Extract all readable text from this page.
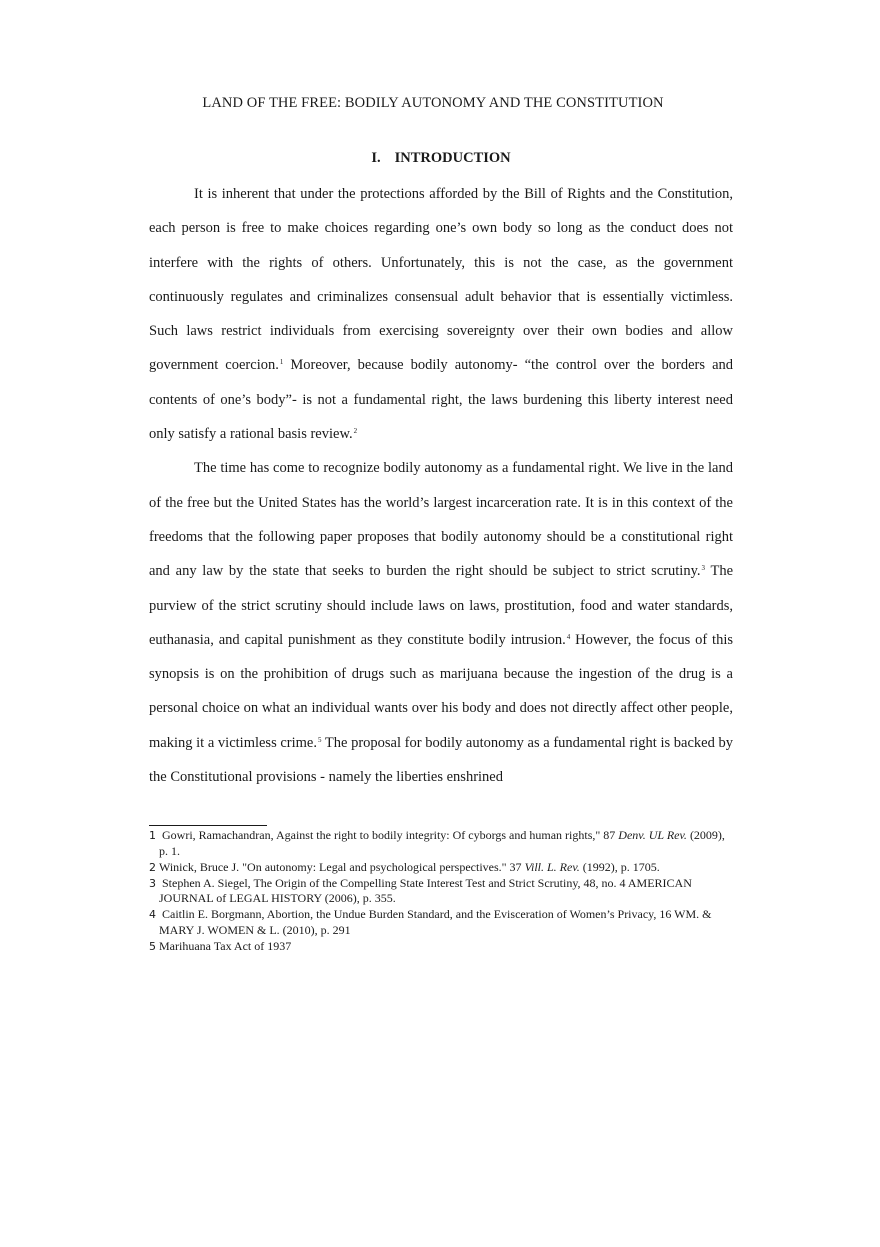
LAND OF THE FREE: BODILY AUTONOMY AND THE CONSTITUTION
I. INTRODUCTION

It is inherent that under the protections afforded by the Bill of Rights and the Constitution, each person is free to make choices regarding one’s own body so long as the conduct does not interfere with the rights of others. Unfortunately, this is not the case, as the government continuously regulates and criminalizes consensual adult behavior that is essentially victimless. Such laws restrict individuals from exercising sovereignty over their own bodies and allow government coercion.$^1$ Moreover, because bodily autonomy- “the control over the borders and contents of one’s body”- is not a fundamental right, the laws burdening this liberty interest need only satisfy a rational basis review.$^2$

The time has come to recognize bodily autonomy as a fundamental right. We live in the land of the free but the United States has the world’s largest incarceration rate. It is in this context of the freedoms that the following paper proposes that bodily autonomy should be a constitutional right and any law by the state that seeks to burden the right should be subject to strict scrutiny.$^3$ The purview of the strict scrutiny should include laws on laws, prostitution, food and water standards, euthanasia, and capital punishment as they constitute bodily intrusion.$^4$ However, the focus of this synopsis is on the prohibition of drugs such as marijuana because the ingestion of the drug is a personal choice on what an individual wants over his body and does not directly affect other people, making it a victimless crime.$^5$ The proposal for bodily autonomy as a fundamental right is backed by the Constitutional provisions - namely the liberties enshrined

1 Gowri, Ramachandran, Against the right to bodily integrity: Of cyborgs and human rights," 87 Denv. UL Rev. (2009), p. 1.
2 Winick, Bruce J. "On autonomy: Legal and psychological perspectives." 37 Vill. L. Rev. (1992), p. 1705.
3 Stephen A. Siegel, The Origin of the Compelling State Interest Test and Strict Scrutiny, 48, no. 4 AMERICAN JOURNAL of LEGAL HISTORY (2006), p. 355.
4 Caitlin E. Borgmann, Abortion, the Undue Burden Standard, and the Evisceration of Women’s Privacy, 16 WM. & MARY J. WOMEN & L. (2010), p. 291
5 Marihuana Tax Act of 1937
